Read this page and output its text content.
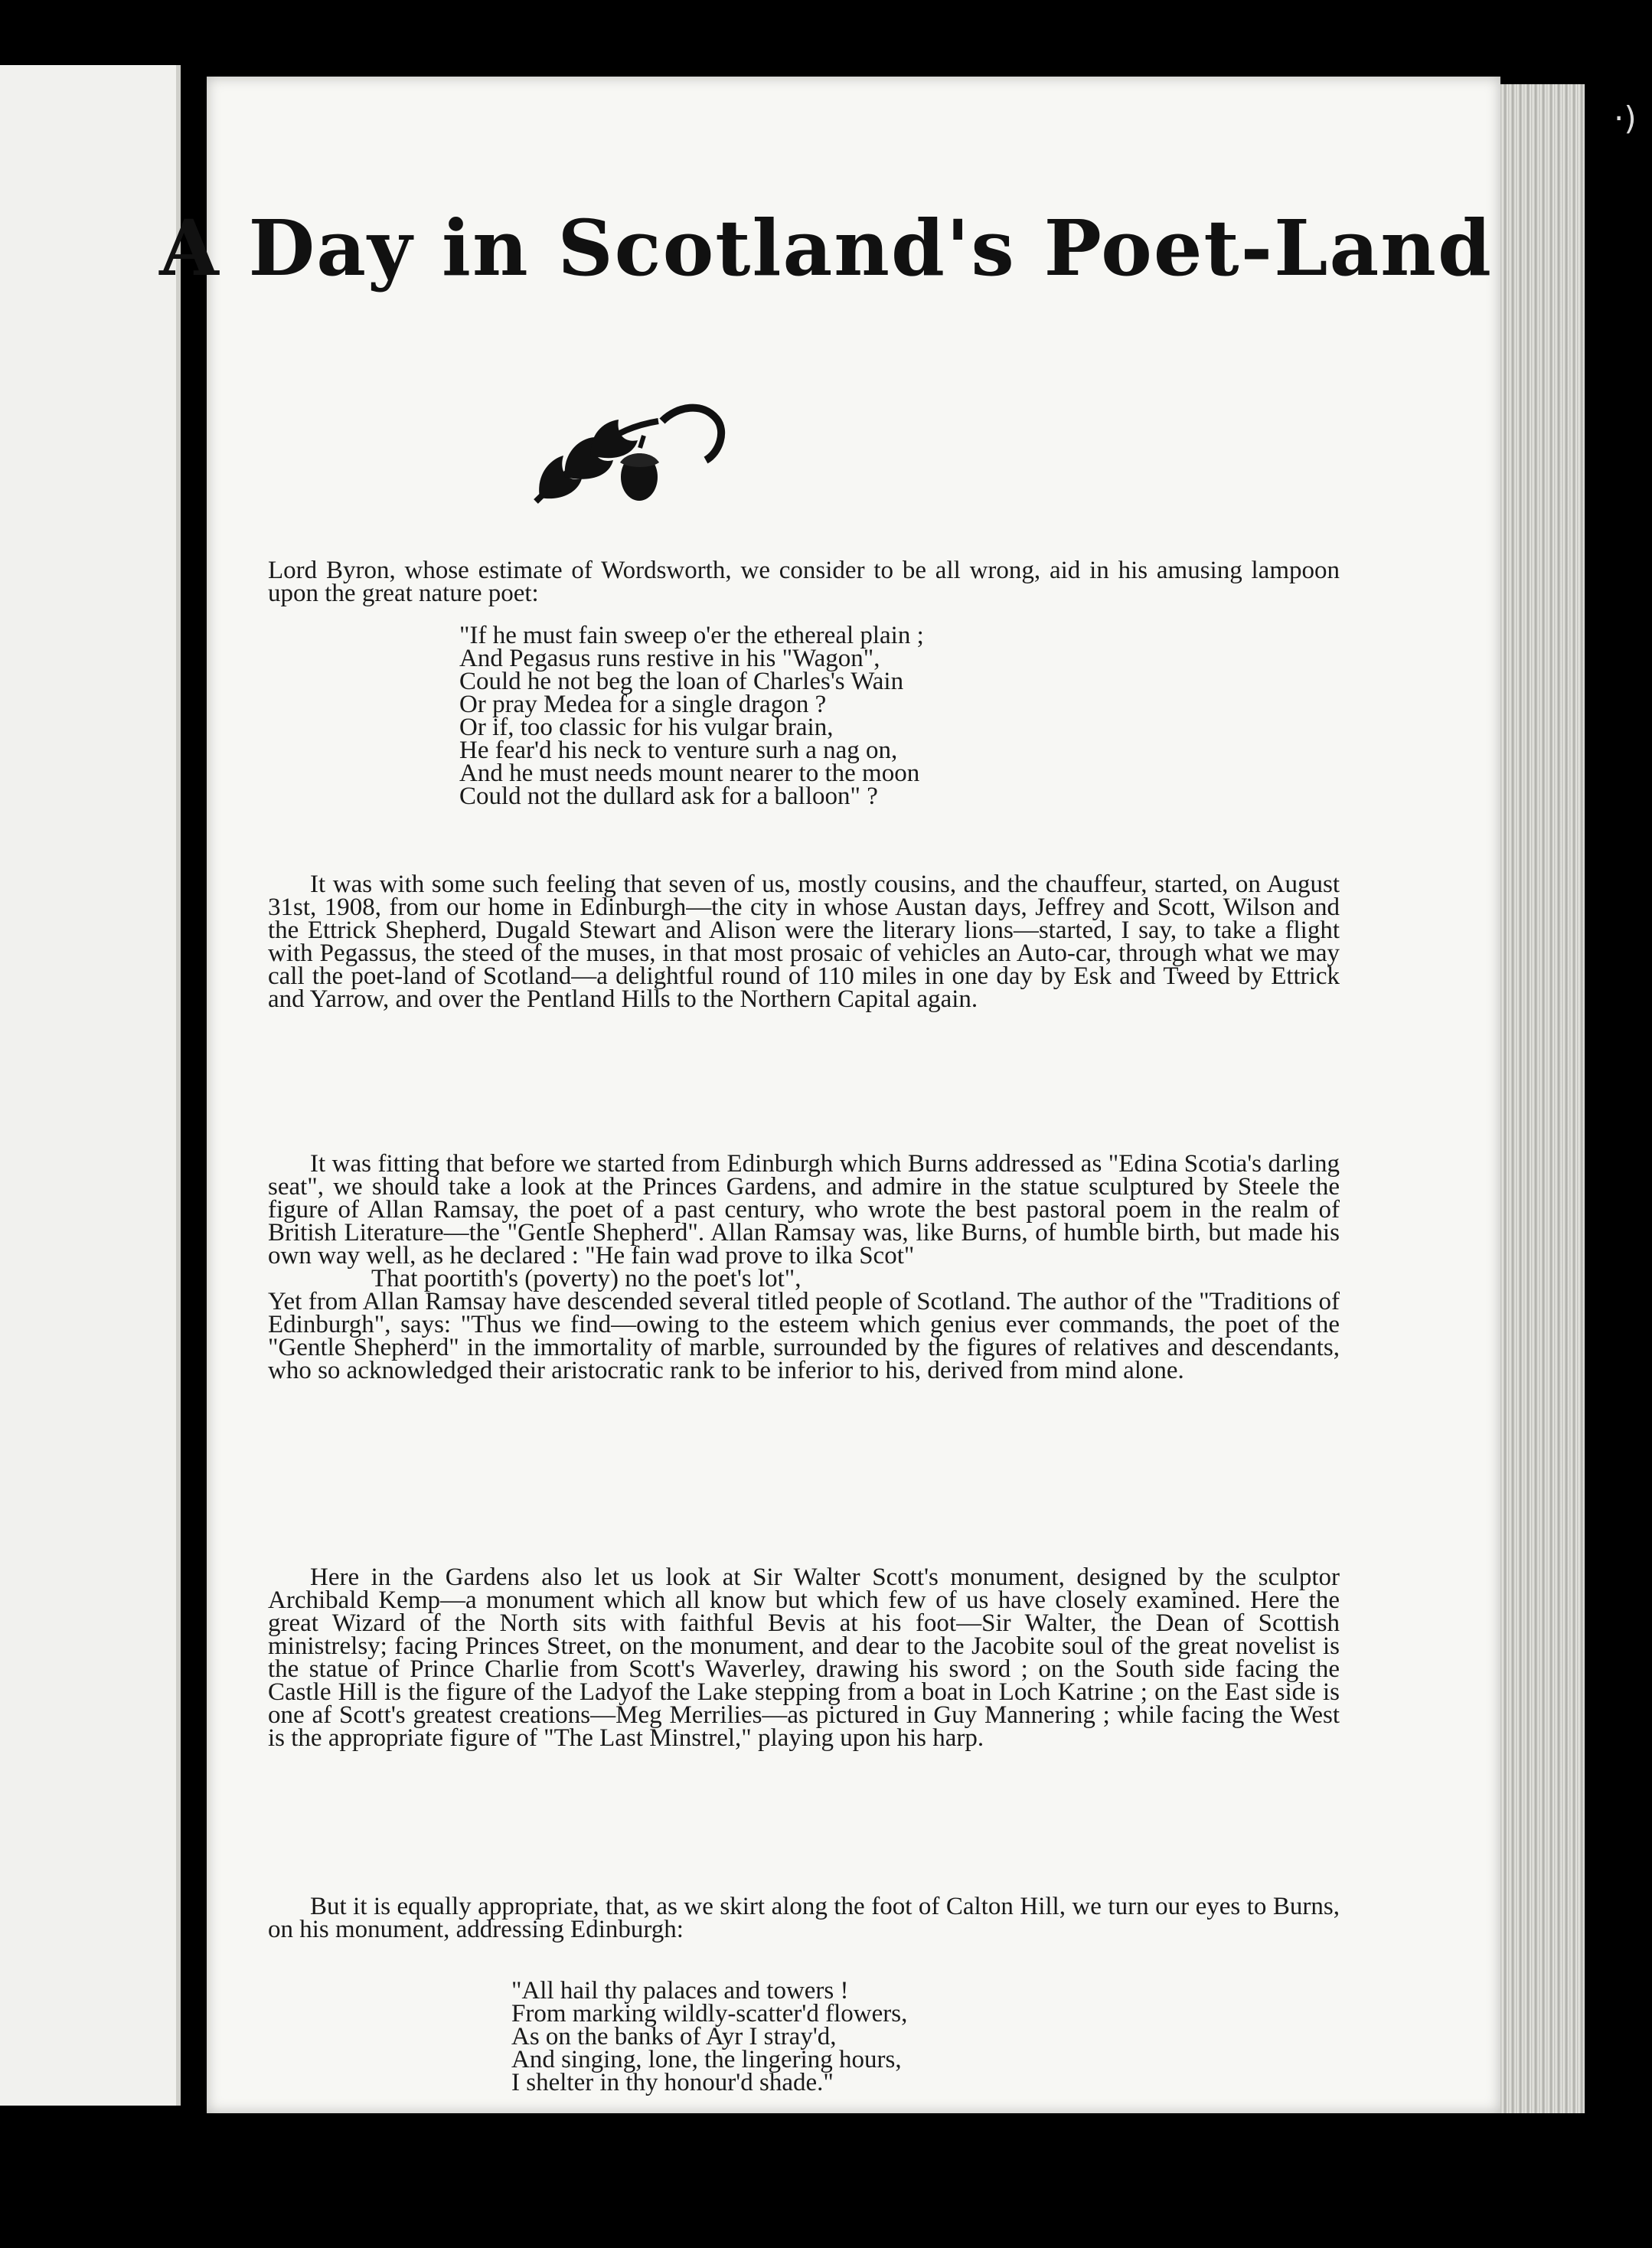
·)
A Day in Scotland's Poet-Land
Lord Byron, whose estimate of Wordsworth, we consider to be all wrong, aid in his amusing lampoon upon the great nature poet:
"If he must fain sweep o'er the ethereal plain ;
And Pegasus runs restive in his "Wagon",
Could he not beg the loan of Charles's Wain
Or pray Medea for a single dragon ?
Or if, too classic for his vulgar brain,
He fear'd his neck to venture surh a nag on,
And he must needs mount nearer to the moon
Could not the dullard ask for a balloon" ?
It was with some such feeling that seven of us, mostly cousins, and the chauffeur, started, on August 31st, 1908, from our home in Edinburgh—the city in whose Austan days, Jeffrey and Scott, Wilson and the Ettrick Shepherd, Dugald Stewart and Alison were the literary lions—started, I say, to take a flight with Pegassus, the steed of the muses, in that most prosaic of vehicles an Auto-car, through what we may call the poet-land of Scotland—a delightful round of 110 miles in one day by Esk and Tweed by Ettrick and Yarrow, and over the Pentland Hills to the Northern Capital again.
It was fitting that before we started from Edinburgh which Burns addressed as "Edina Scotia's darling seat", we should take a look at the Princes Gardens, and admire in the statue sculptured by Steele the figure of Allan Ramsay, the poet of a past century, who wrote the best pastoral poem in the realm of British Literature—the "Gentle Shepherd". Allan Ramsay was, like Burns, of humble birth, but made his own way well, as he declared : "He fain wad prove to ilka Scot"
That poortith's (poverty) no the poet's lot",
Yet from Allan Ramsay have descended several titled people of Scotland. The author of the "Traditions of Edinburgh", says: "Thus we find—owing to the esteem which genius ever commands, the poet of the "Gentle Shepherd" in the immortality of marble, surrounded by the figures of relatives and descendants, who so acknowledged their aristocratic rank to be inferior to his, derived from mind alone.
Here in the Gardens also let us look at Sir Walter Scott's monument, designed by the sculptor Archibald Kemp—a monument which all know but which few of us have closely examined. Here the great Wizard of the North sits with faithful Bevis at his foot—Sir Walter, the Dean of Scottish ministrelsy; facing Princes Street, on the monument, and dear to the Jacobite soul of the great novelist is the statue of Prince Charlie from Scott's Waverley, drawing his sword ; on the South side facing the Castle Hill is the figure of the Ladyof the Lake stepping from a boat in Loch Katrine ; on the East side is one af Scott's greatest creations—Meg Merrilies—as pictured in Guy Mannering ; while facing the West is the appropriate figure of "The Last Minstrel," playing upon his harp.
But it is equally appropriate, that, as we skirt along the foot of Calton Hill, we turn our eyes to Burns, on his monument, addressing Edinburgh:
"All hail thy palaces and towers !
From marking wildly-scatter'd flowers,
As on the banks of Ayr I stray'd,
And singing, lone, the lingering hours,
I shelter in thy honour'd shade."
